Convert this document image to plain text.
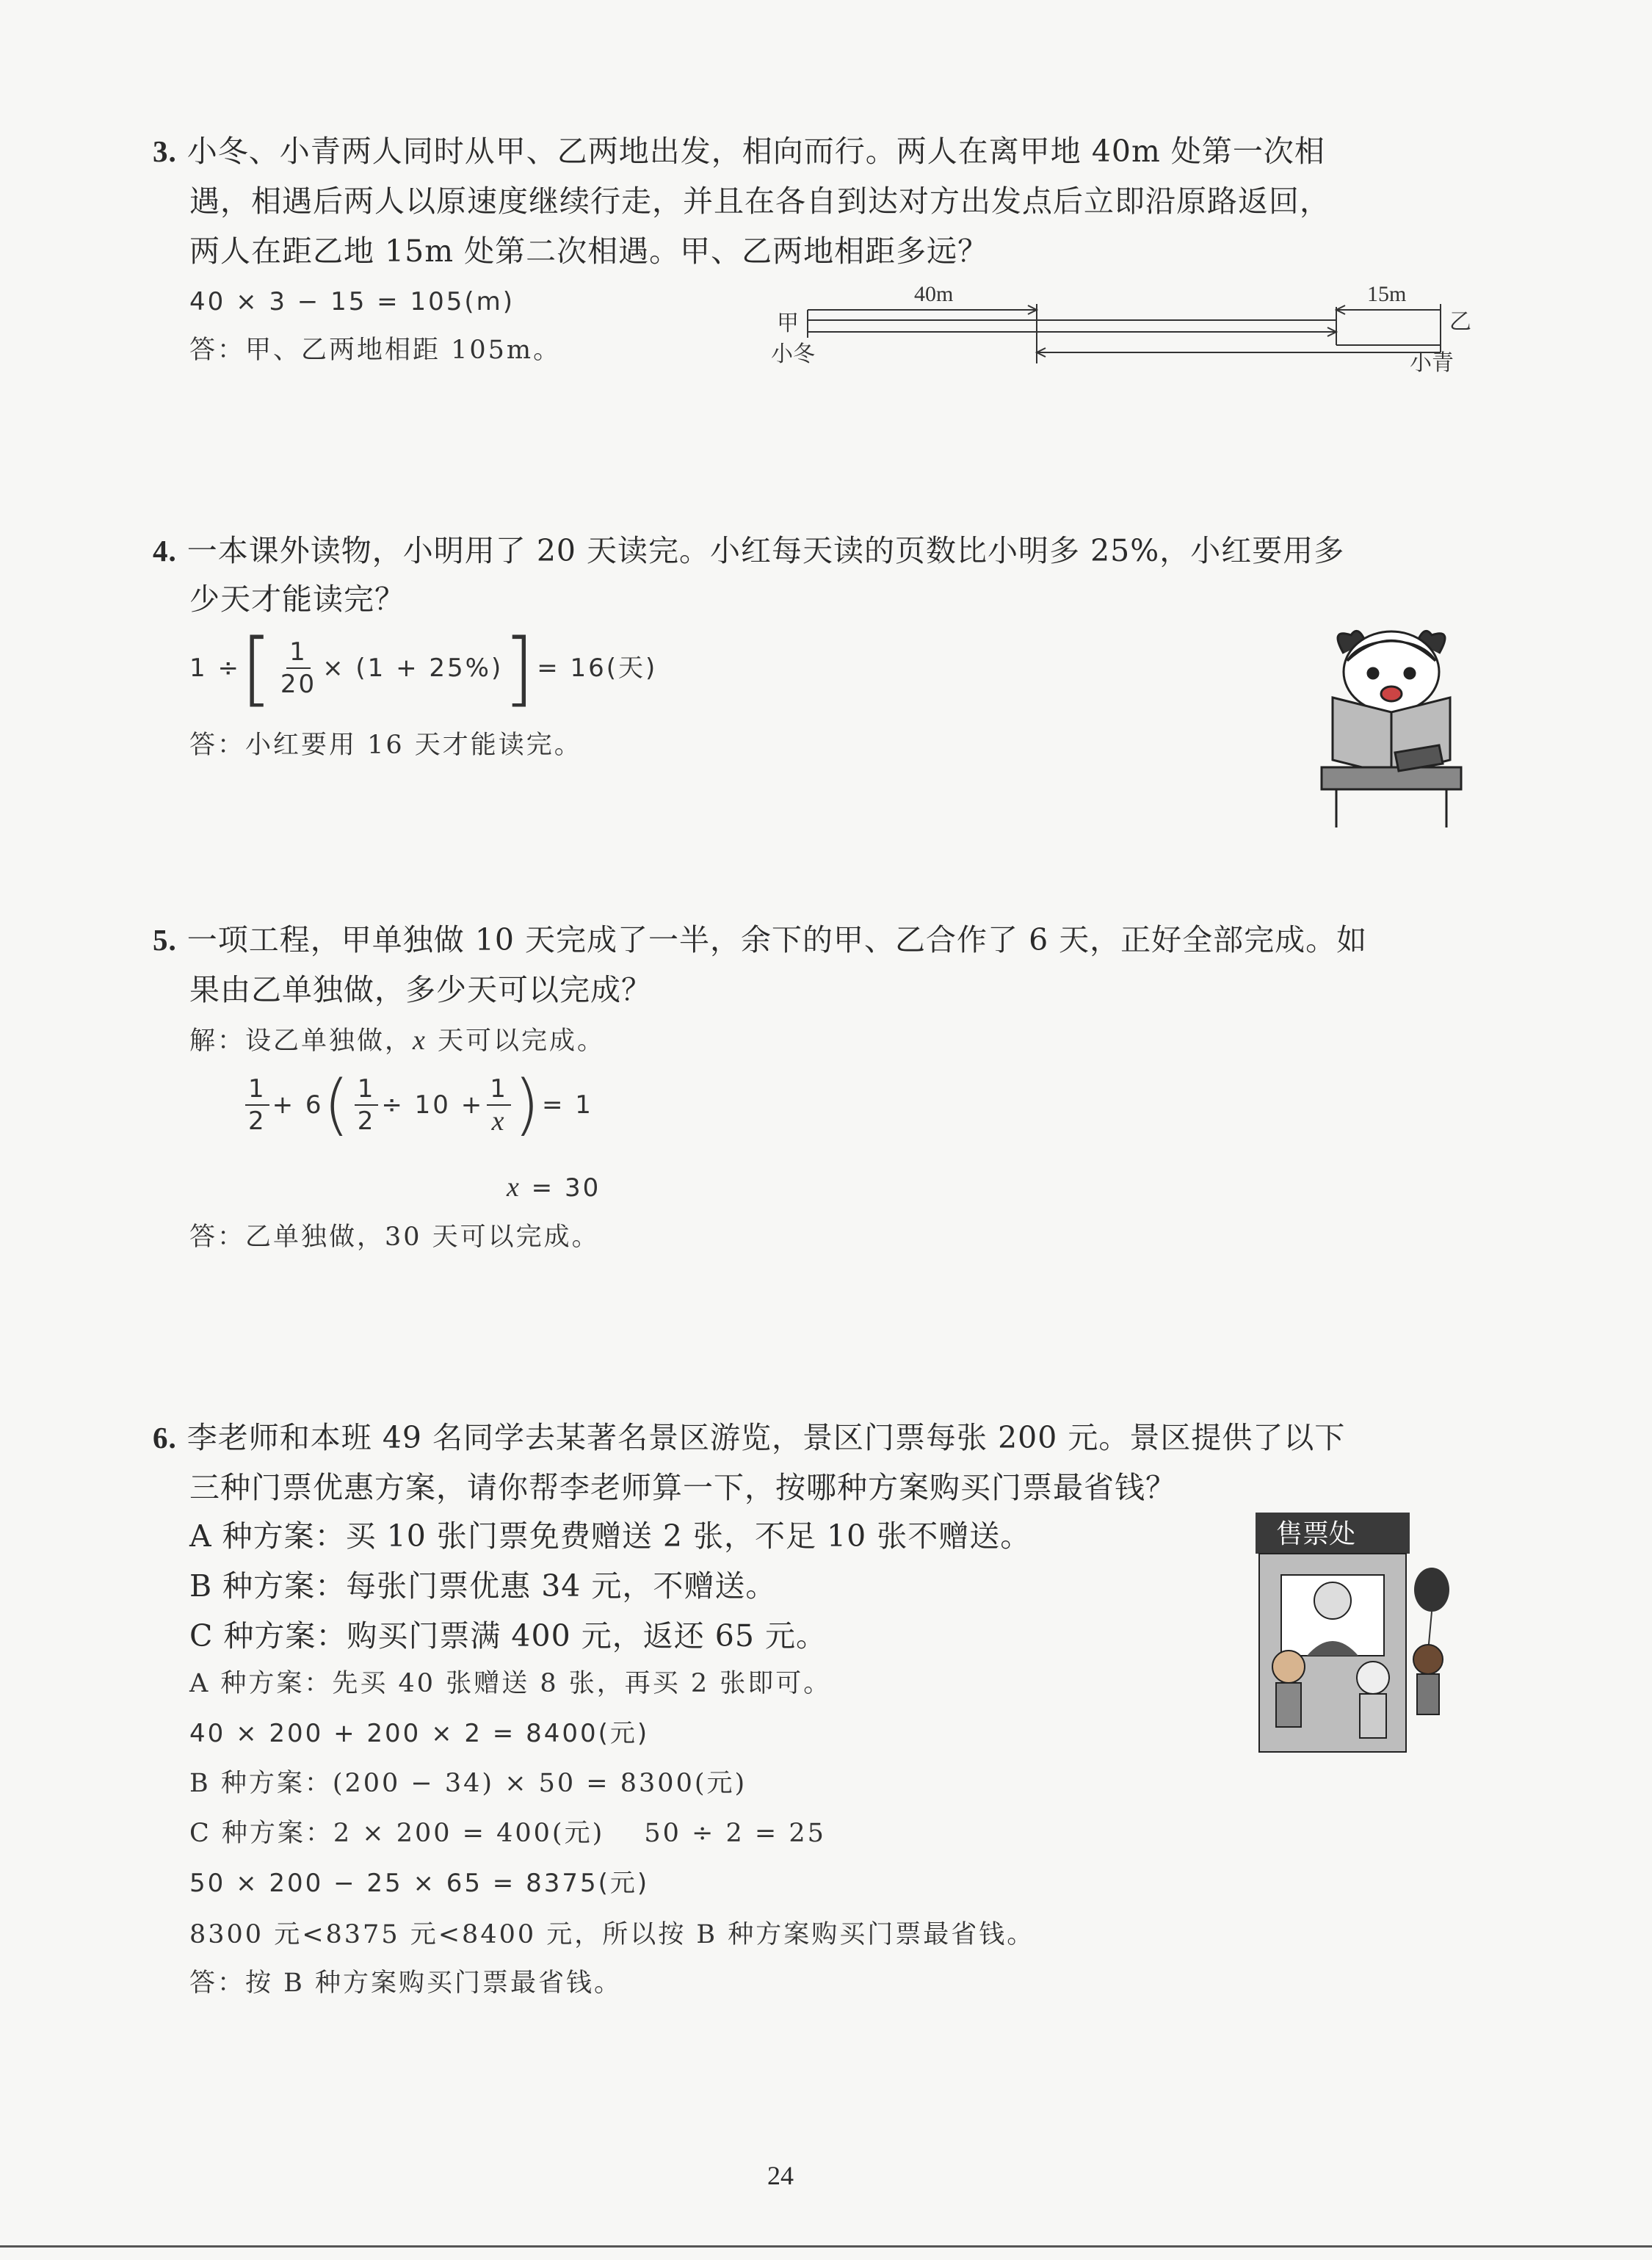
3. 小冬、小青两人同时从甲、乙两地出发，相向而行。两人在离甲地 40m 处第一次相
遇，相遇后两人以原速度继续行走，并且在各自到达对方出发点后立即沿原路返回，
两人在距乙地 15m 处第二次相遇。甲、乙两地相距多远？
40 × 3 − 15 = 105(m)
答：甲、乙两地相距 105m。
40m	15m
甲
小冬
乙
小青
4. 一本课外读物，小明用了 20 天读完。小红每天读的页数比小明多 25%，小红要用多
少天才能读完？
1 ÷ [ $\frac{1}{20} \times (1 + 25\%)$ ] = 16(天)
答：小红要用 16 天才能读完。
5. 一项工程，甲单独做 10 天完成了一半，余下的甲、乙合作了 6 天，正好全部完成。如
果由乙单独做，多少天可以完成？
解：设乙单独做，x 天可以完成。
$\frac{1}{2} + 6$ ( $\frac{1}{2} \div 10 + \frac{1}{x}$ ) = 1
x = 30
答：乙单独做，30 天可以完成。
6. 李老师和本班 49 名同学去某著名景区游览，景区门票每张 200 元。景区提供了以下
三种门票优惠方案，请你帮李老师算一下，按哪种方案购买门票最省钱？
A 种方案：买 10 张门票免费赠送 2 张，不足 10 张不赠送。
B 种方案：每张门票优惠 34 元，不赠送。
C 种方案：购买门票满 400 元，返还 65 元。
A 种方案：先买 40 张赠送 8 张，再买 2 张即可。
40 × 200 + 200 × 2 = 8400(元)
B 种方案：(200 − 34) × 50 = 8300(元)
C 种方案：2 × 200 = 400(元) 50 ÷ 2 = 25
50 × 200 − 25 × 65 = 8375(元)
8300 元<8375 元<8400 元，所以按 B 种方案购买门票最省钱。
答：按 B 种方案购买门票最省钱。
售票处
24
